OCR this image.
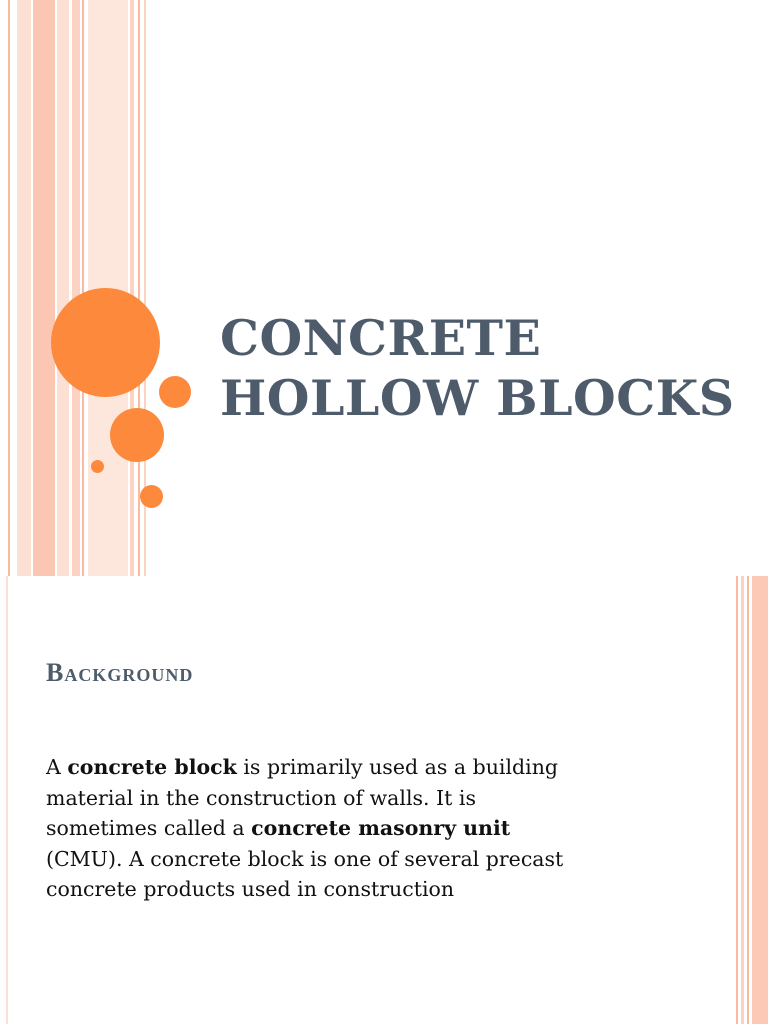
CONCRETE
HOLLOW BLOCKS
Background

A concrete block is primarily used as a building
material in the construction of walls. It is
sometimes called a concrete masonry unit
(CMU). A concrete block is one of several precast
concrete products used in construction
